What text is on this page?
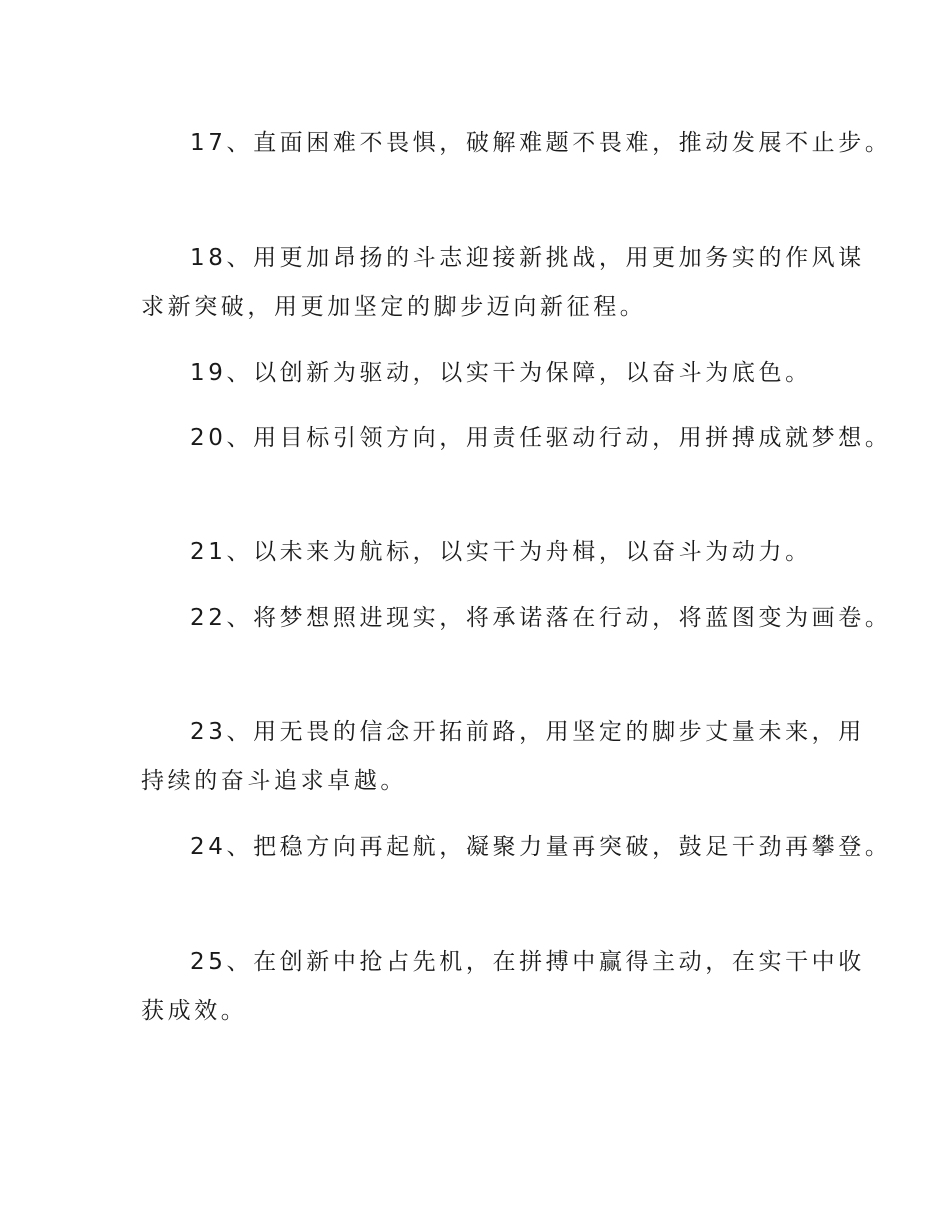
17、直面困难不畏惧，破解难题不畏难，推动发展不止步。
18、用更加昂扬的斗志迎接新挑战，用更加务实的作风谋
求新突破，用更加坚定的脚步迈向新征程。
19、以创新为驱动，以实干为保障，以奋斗为底色。
20、用目标引领方向，用责任驱动行动，用拼搏成就梦想。
21、以未来为航标，以实干为舟楫，以奋斗为动力。
22、将梦想照进现实，将承诺落在行动，将蓝图变为画卷。
23、用无畏的信念开拓前路，用坚定的脚步丈量未来，用
持续的奋斗追求卓越。
24、把稳方向再起航，凝聚力量再突破，鼓足干劲再攀登。
25、在创新中抢占先机，在拼搏中赢得主动，在实干中收
获成效。
